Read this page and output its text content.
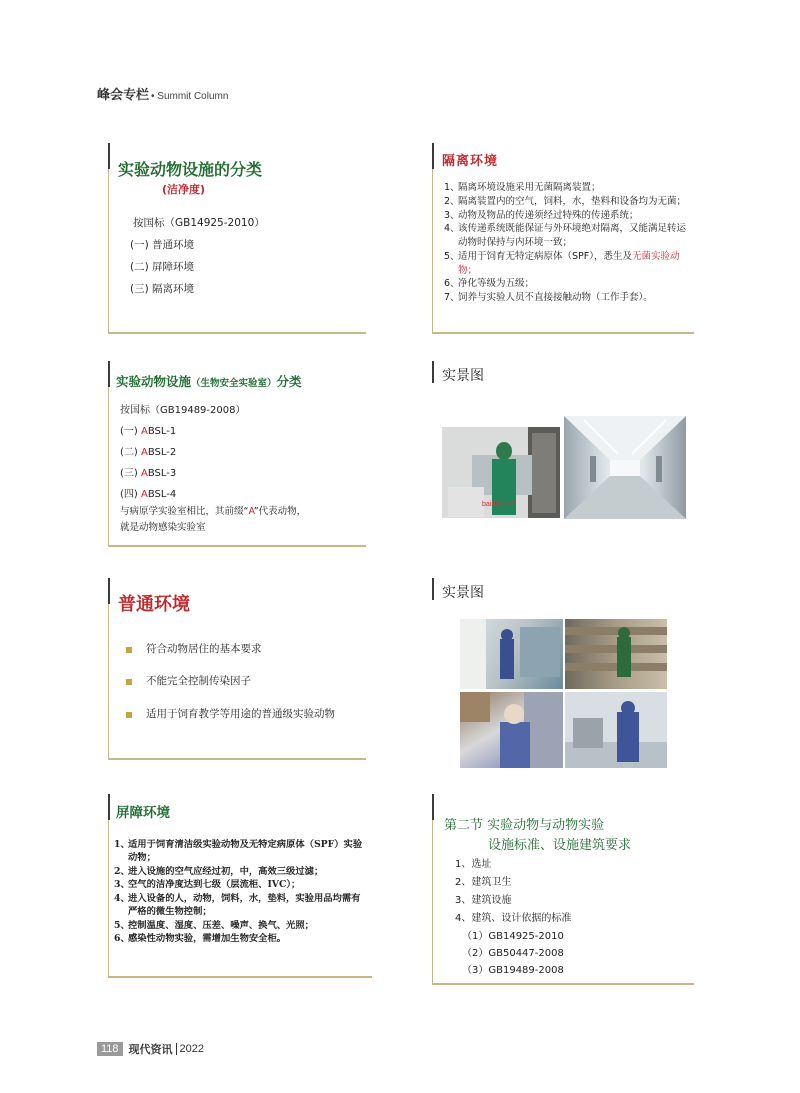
峰会专栏 • Summit Column
实验动物设施的分类
(洁净度)
按国标（GB14925-2010）
(一) 普通环境
(二) 屏障环境
(三) 隔离环境
隔离环境
1、
隔离环境设施采用无菌隔离装置；
2、
隔离装置内的空气，饲料，水，垫料和设备均为无菌；
3、
动物及物品的传递须经过特殊的传递系统；
4、
该传递系统既能保证与外环境绝对隔离，又能满足转运动物时保持与内环境一致；
5、
适用于饲育无特定病原体（SPF），悉生及无菌实验动物；
6、
净化等级为五级；
7、
饲养与实验人员不直接接触动物（工作手套）。
实验动物设施（生物安全实验室）分类
按国标（GB19489-2008）
(一) ABSL-1
(二) ABSL-2
(三) ABSL-3
(四) ABSL-4
与病原学实验室相比，其前缀“A”代表动物，
就是动物感染实验室
实景图
baimu.com
普通环境
符合动物居住的基本要求
不能完全控制传染因子
适用于饲育教学等用途的普通级实验动物
实景图
屏障环境
1、
适用于饲育清洁级实验动物及无特定病原体（SPF）实验动物；
2、
进入设施的空气应经过初，中，高效三级过滤；
3、
空气的洁净度达到七级（层流柜、IVC）；
4、
进入设备的人，动物，饲料，水，垫料，实验用品均需有严格的微生物控制；
5、
控制温度、湿度、压差、噪声、换气、光照；
6、
感染性动物实验，需增加生物安全柜。
第二节 实验动物与动物实验
设施标准、设施建筑要求
1、选址
2、建筑卫生
3、建筑设施
4、建筑、设计依据的标准
（1）GB14925-2010
（2）GB50447-2008
（3）GB19489-2008
118 现代资讯 2022
